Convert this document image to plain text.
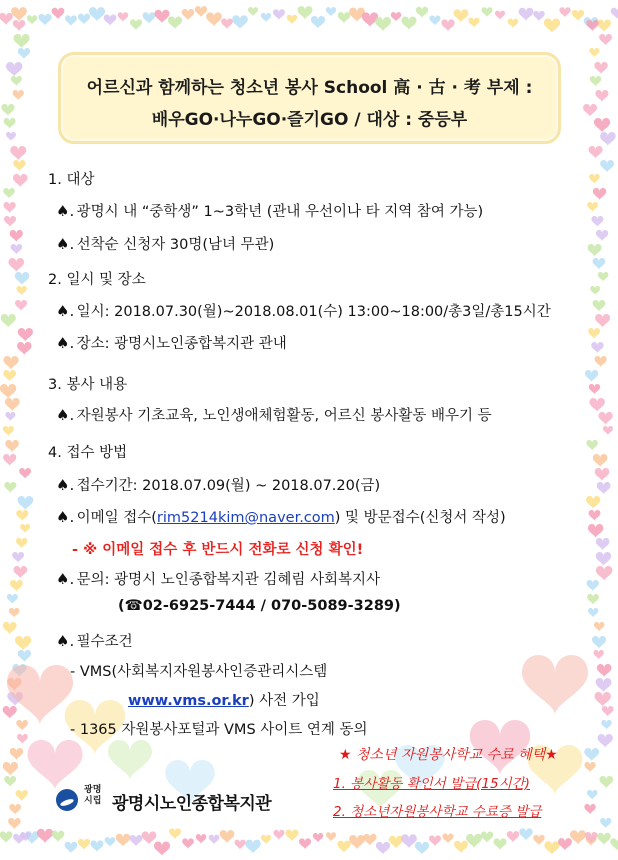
어르신과 함께하는 청소년 봉사 School 高 · 古 · 考 부제 :
배우GO·나누GO·즐기GO / 대상 : 중등부
1. 대상
♠. 광명시 내 “중학생” 1~3학년 (관내 우선이나 타 지역 참여 가능)
♠. 선착순 신청자 30명(남녀 무관)
2. 일시 및 장소
♠. 일시: 2018.07.30(월)~2018.08.01(수) 13:00~18:00/총3일/총15시간
♠. 장소: 광명시노인종합복지관 관내
3. 봉사 내용
♠. 자원봉사 기초교육, 노인생애체험활동, 어르신 봉사활동 배우기 등
4. 접수 방법
♠. 접수기간: 2018.07.09(월) ~ 2018.07.20(금)
♠. 이메일 접수(rim5214kim@naver.com) 및 방문접수(신청서 작성)
- ※ 이메일 접수 후 반드시 전화로 신청 확인!
♠. 문의: 광명시 노인종합복지관 김혜림 사회복지사
(☎02-6925-7444 / 070-5089-3289)
♠. 필수조건
- VMS(사회복지자원봉사인증관리시스템
www.vms.or.kr) 사전 가입
- 1365 자원봉사포털과 VMS 사이트 연계 동의
★ 청소년 자원봉사학교 수료 혜택★
1. 봉사활동 확인서 발급(15시간)
2. 청소년자원봉사학교 수료증 발급
광명 시립 광명시노인종합복지관
